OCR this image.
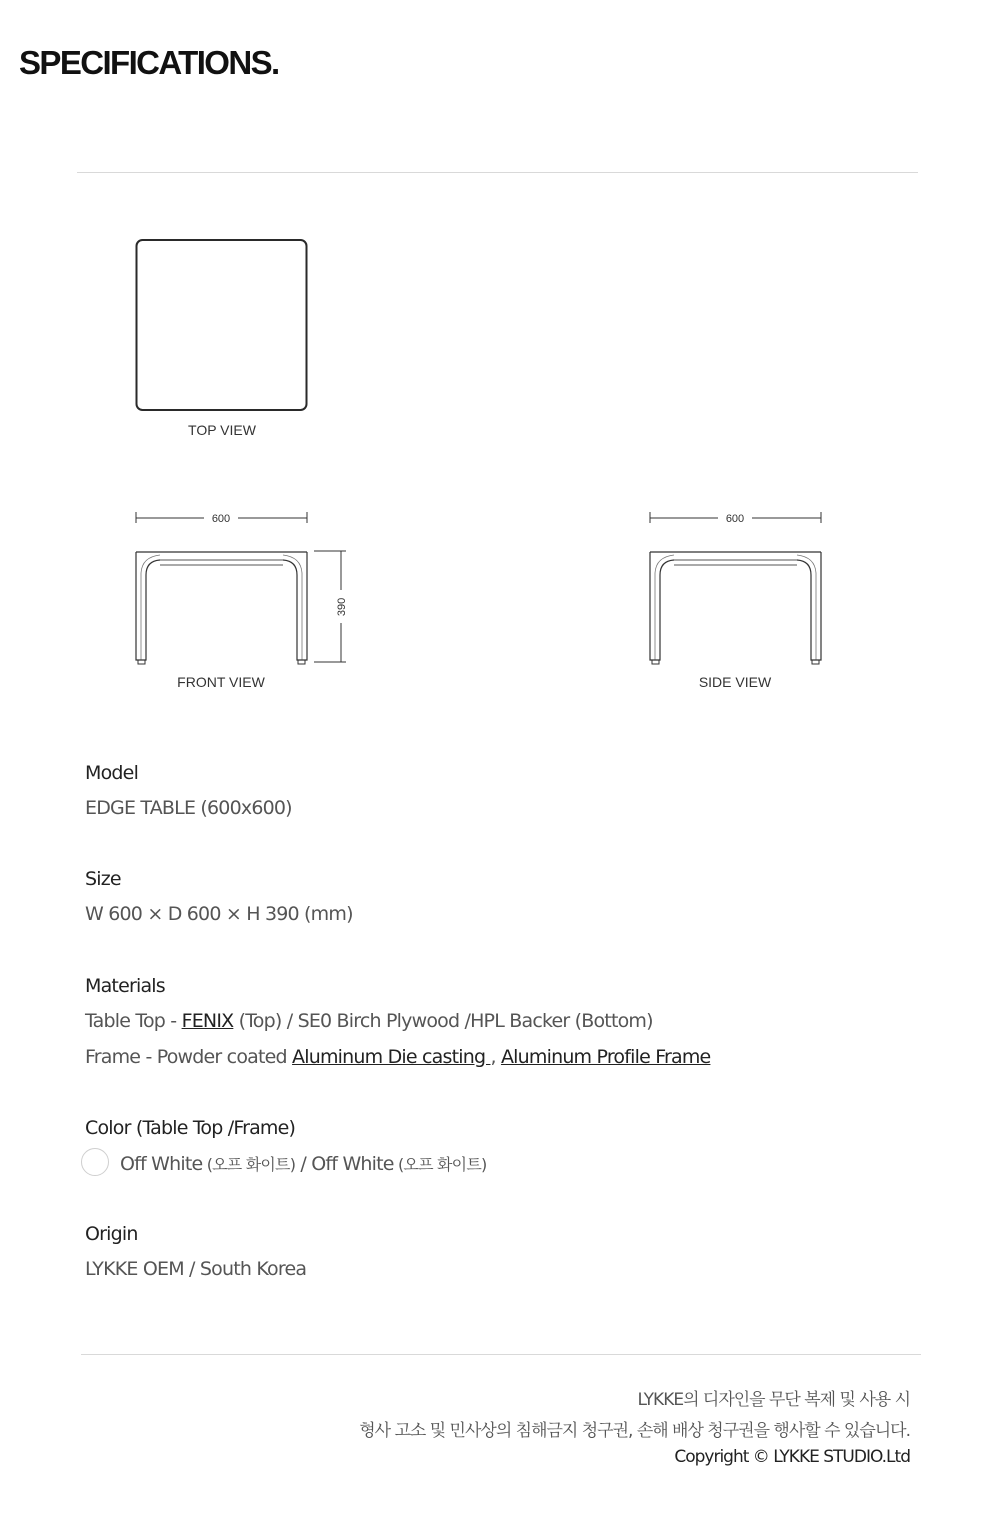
SPECIFICATIONS.
TOP VIEW
600
390
FRONT VIEW
600
SIDE VIEW
Model
EDGE TABLE (600x600)
Size
W 600 × D 600 × H 390 (mm)
Materials
Table Top - FENIX (Top) / SE0 Birch Plywood /HPL Backer (Bottom)
Frame - Powder coated Aluminum Die casting , Aluminum Profile Frame
Color (Table Top /Frame)
Off White (오프 화이트) / Off White (오프 화이트)
Origin
LYKKE OEM / South Korea
LYKKE의 디자인을 무단 복제 및 사용 시
형사 고소 및 민사상의 침해금지 청구권, 손해 배상 청구권을 행사할 수 있습니다.
Copyright © LYKKE STUDIO.Ltd
